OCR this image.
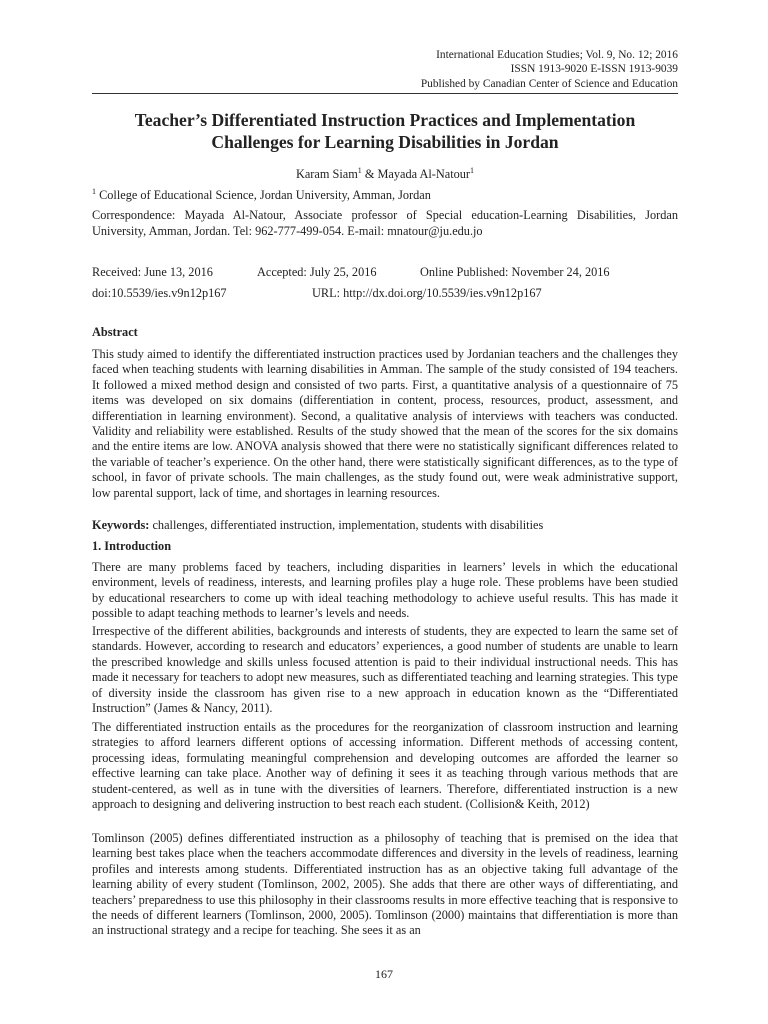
International Education Studies; Vol. 9, No. 12; 2016
ISSN 1913-9020 E-ISSN 1913-9039
Published by Canadian Center of Science and Education
Teacher’s Differentiated Instruction Practices and Implementation
Challenges for Learning Disabilities in Jordan
Karam Siam$^1$ & Mayada Al-Natour$^1$
$^1$ College of Educational Science, Jordan University, Amman, Jordan
Correspondence: Mayada Al-Natour, Associate professor of Special education-Learning Disabilities, Jordan University, Amman, Jordan. Tel: 962-777-499-054. E-mail: mnatour@ju.edu.jo
Received: June 13, 2016	Accepted: July 25, 2016	Online Published: November 24, 2016
doi:10.5539/ies.v9n12p167	URL: http://dx.doi.org/10.5539/ies.v9n12p167
Abstract

This study aimed to identify the differentiated instruction practices used by Jordanian teachers and the challenges they faced when teaching students with learning disabilities in Amman. The sample of the study consisted of 194 teachers. It followed a mixed method design and consisted of two parts. First, a quantitative analysis of a questionnaire of 75 items was developed on six domains (differentiation in content, process, resources, product, assessment, and differentiation in learning environment). Second, a qualitative analysis of interviews with teachers was conducted. Validity and reliability were established. Results of the study showed that the mean of the scores for the six domains and the entire items are low. ANOVA analysis showed that there were no statistically significant differences related to the variable of teacher’s experience. On the other hand, there were statistically significant differences, as to the type of school, in favor of private schools. The main challenges, as the study found out, were weak administrative support, low parental support, lack of time, and shortages in learning resources.

Keywords: challenges, differentiated instruction, implementation, students with disabilities
1. Introduction

There are many problems faced by teachers, including disparities in learners’ levels in which the educational environment, levels of readiness, interests, and learning profiles play a huge role. These problems have been studied by educational researchers to come up with ideal teaching methodology to achieve useful results. This has made it possible to adapt teaching methods to learner’s levels and needs.

Irrespective of the different abilities, backgrounds and interests of students, they are expected to learn the same set of standards. However, according to research and educators’ experiences, a good number of students are unable to learn the prescribed knowledge and skills unless focused attention is paid to their individual instructional needs. This has made it necessary for teachers to adopt new measures, such as differentiated teaching and learning strategies. This type of diversity inside the classroom has given rise to a new approach in education known as the “Differentiated Instruction” (James & Nancy, 2011).

The differentiated instruction entails as the procedures for the reorganization of classroom instruction and learning strategies to afford learners different options of accessing information. Different methods of accessing content, processing ideas, formulating meaningful comprehension and developing outcomes are afforded the learner so effective learning can take place. Another way of defining it sees it as teaching through various methods that are student-centered, as well as in tune with the diversities of learners. Therefore, differentiated instruction is a new approach to designing and delivering instruction to best reach each student. (Collision& Keith, 2012)

Tomlinson (2005) defines differentiated instruction as a philosophy of teaching that is premised on the idea that learning best takes place when the teachers accommodate differences and diversity in the levels of readiness, learning profiles and interests among students. Differentiated instruction has as an objective taking full advantage of the learning ability of every student (Tomlinson, 2002, 2005). She adds that there are other ways of differentiating, and teachers’ preparedness to use this philosophy in their classrooms results in more effective teaching that is responsive to the needs of different learners (Tomlinson, 2000, 2005). Tomlinson (2000) maintains that differentiation is more than an instructional strategy and a recipe for teaching. She sees it as an

167
